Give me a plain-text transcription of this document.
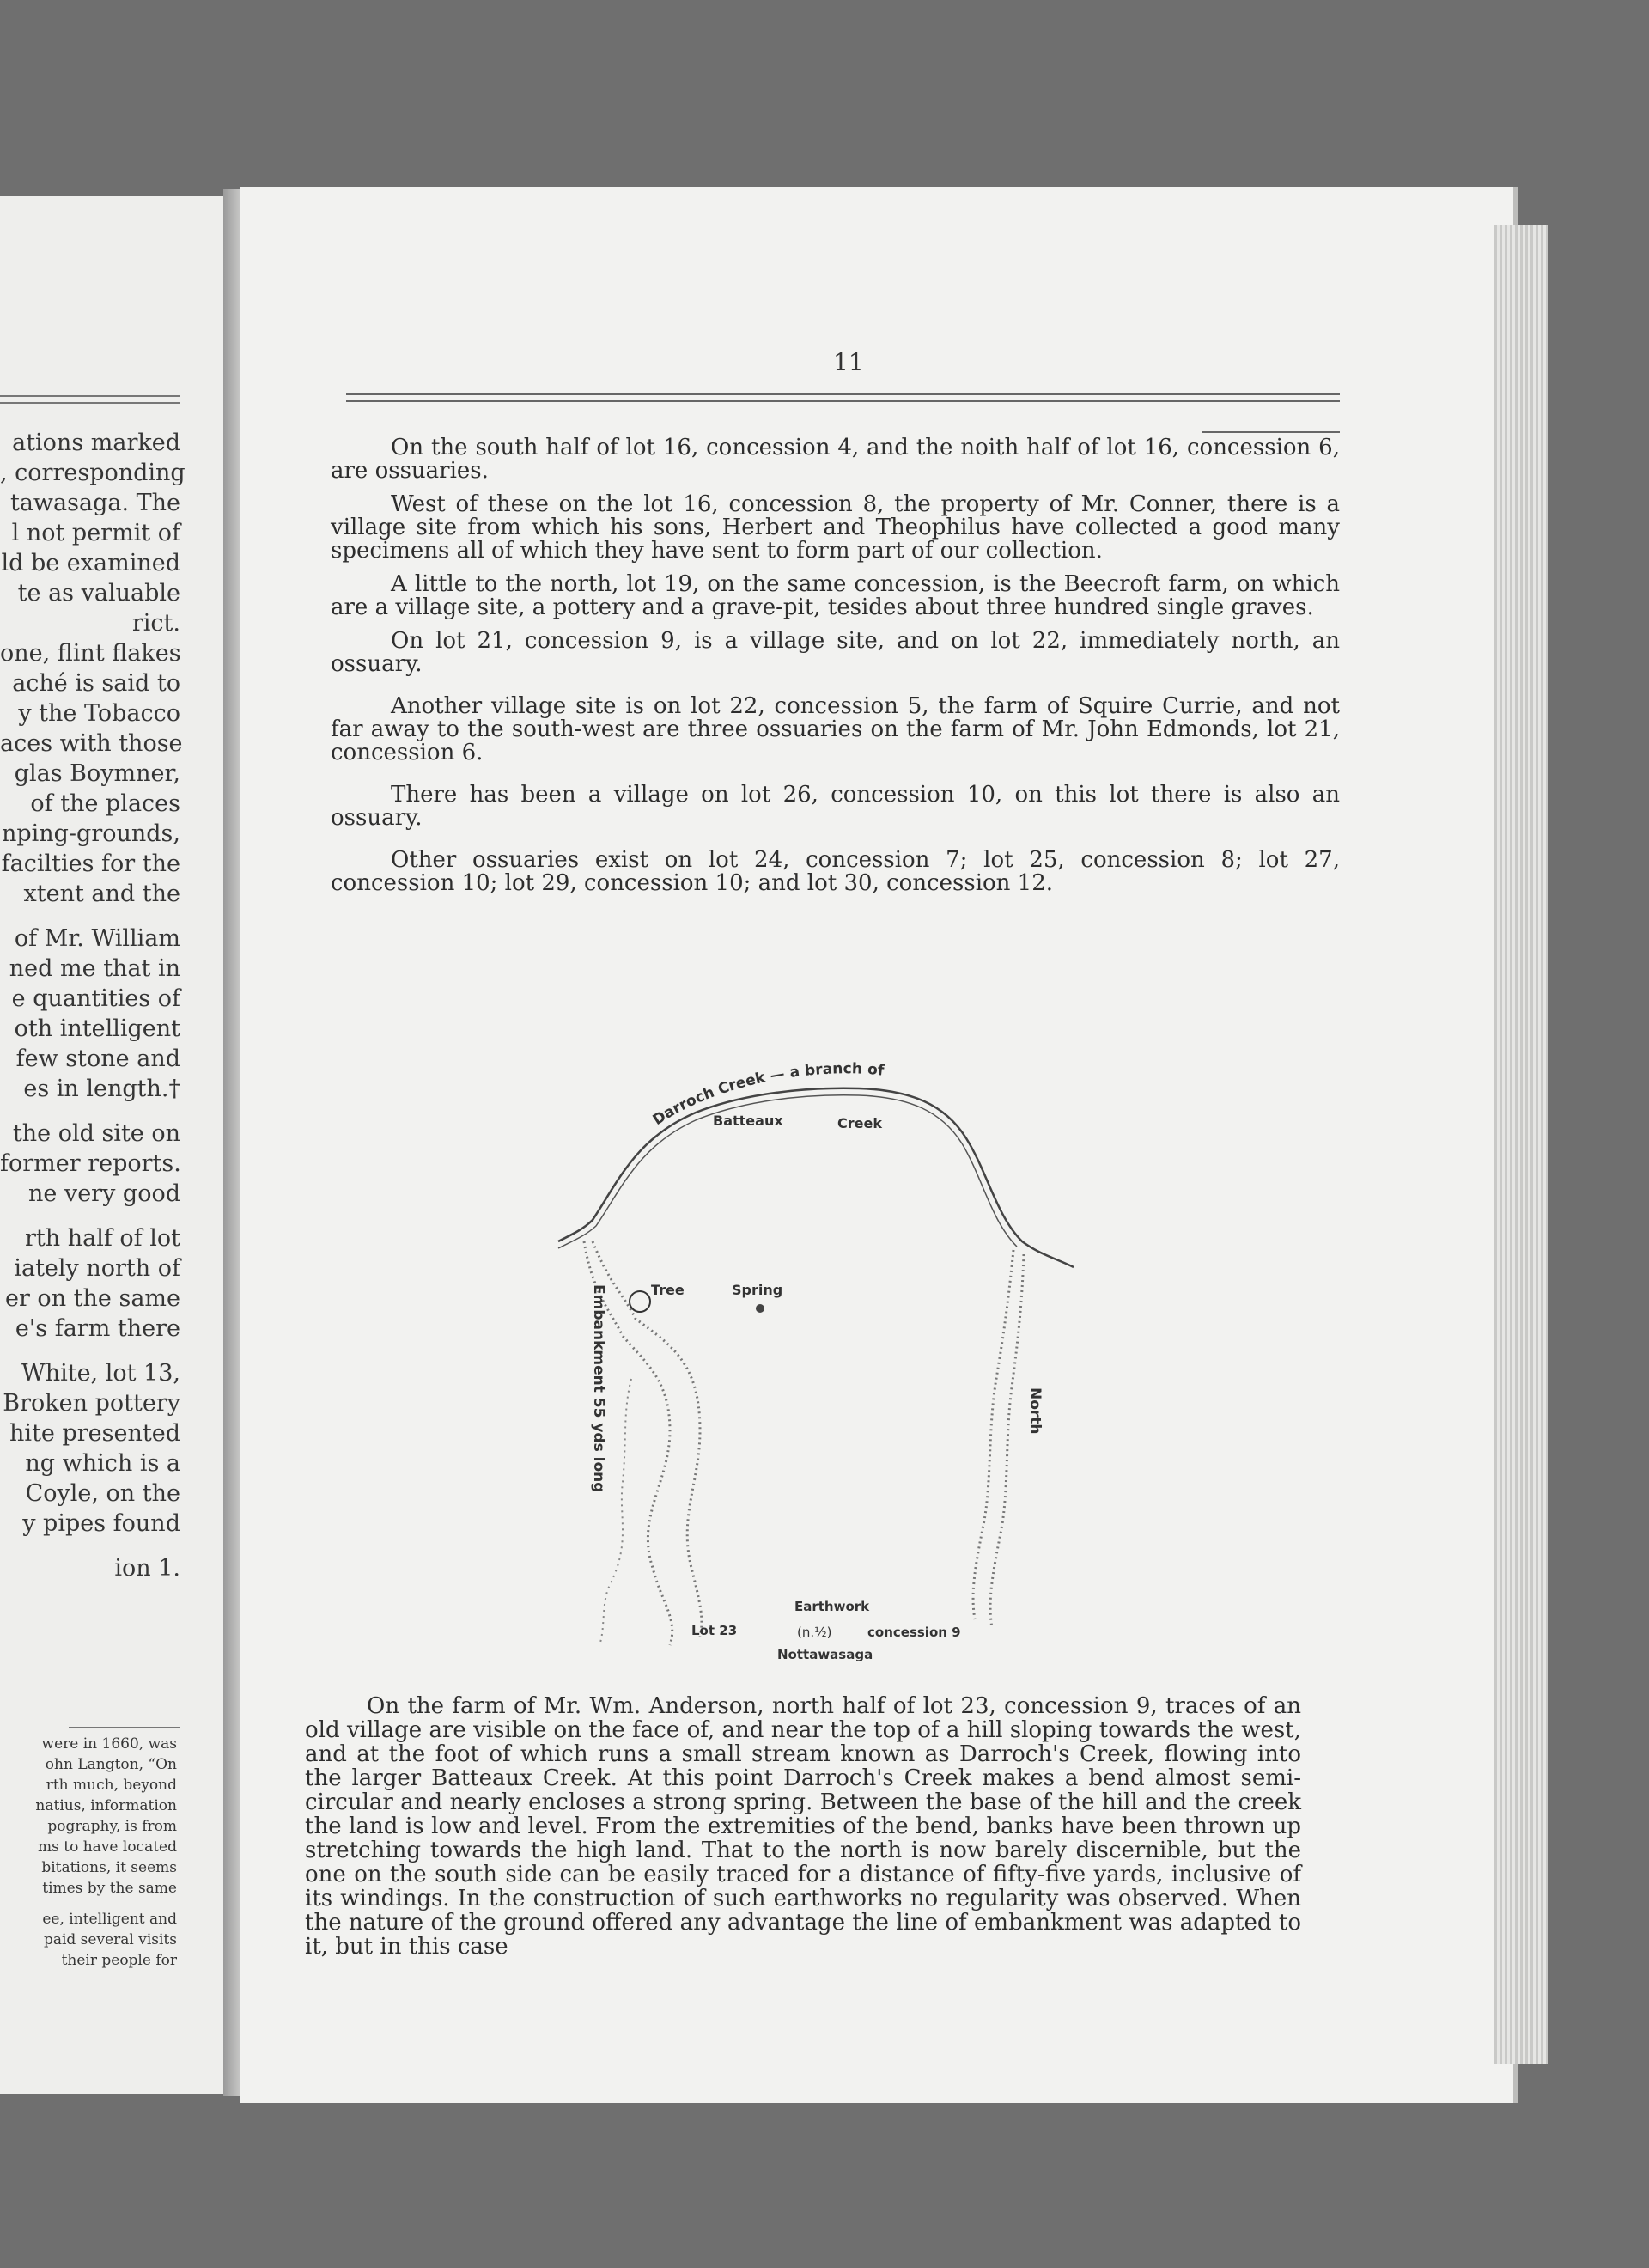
ations marked
, corresponding
tawasaga. The
l not permit of
ld be examined
te as valuable
rict.
one, flint flakes
aché is said to
y the Tobacco
aces with those
glas Boymner,
of the places
nping-grounds,
facilties for the
xtent and the
of Mr. William
ned me that in
e quantities of
oth intelligent
few stone and
es in length.†
the old site on
former reports.
ne very good
rth half of lot
iately north of
er on the same
e's farm there
White, lot 13,
Broken pottery
hite presented
ng which is a
Coyle, on the
y pipes found
ion 1.
were in 1660, was
ohn Langton, “On
rth much, beyond
natius, information
pography, is from
ms to have located
bitations, it seems
times by the same
ee, intelligent and
paid several visits
their people for
11

On the south half of lot 16, concession 4, and the noith half of lot 16, concession 6, are ossuaries.

West of these on the lot 16, concession 8, the property of Mr. Conner, there is a village site from which his sons, Herbert and Theophilus have collected a good many specimens all of which they have sent to form part of our collection.

A little to the north, lot 19, on the same concession, is the Beecroft farm, on which are a village site, a pottery and a grave-pit, tesides about three hundred single graves.

On lot 21, concession 9, is a village site, and on lot 22, immediately north, an ossuary.

Another village site is on lot 22, concession 5, the farm of Squire Currie, and not far away to the south-west are three ossuaries on the farm of Mr. John Edmonds, lot 21, concession 6.

There has been a village on lot 26, concession 10, on this lot there is also an ossuary.

Other ossuaries exist on lot 24, concession 7; lot 25, concession 8; lot 27, concession 10; lot 29, concession 10; and lot 30, concession 12.

Darroch Creek — a branch of
Batteaux	Creek
Tree	Spring
Embankment 55 yds long	North
Earthwork
Lot 23	(n.½)	concession 9
Nottawasaga

On the farm of Mr. Wm. Anderson, north half of lot 23, concession 9, traces of an old village are visible on the face of, and near the top of a hill sloping towards the west, and at the foot of which runs a small stream known as Darroch's Creek, flowing into the larger Batteaux Creek. At this point Darroch's Creek makes a bend almost semi-circular and nearly encloses a strong spring. Between the base of the hill and the creek the land is low and level. From the extremities of the bend, banks have been thrown up stretching towards the high land. That to the north is now barely discernible, but the one on the south side can be easily traced for a distance of fifty-five yards, inclusive of its windings. In the construction of such earthworks no regularity was observed. When the nature of the ground offered any advantage the line of embankment was adapted to it, but in this case
